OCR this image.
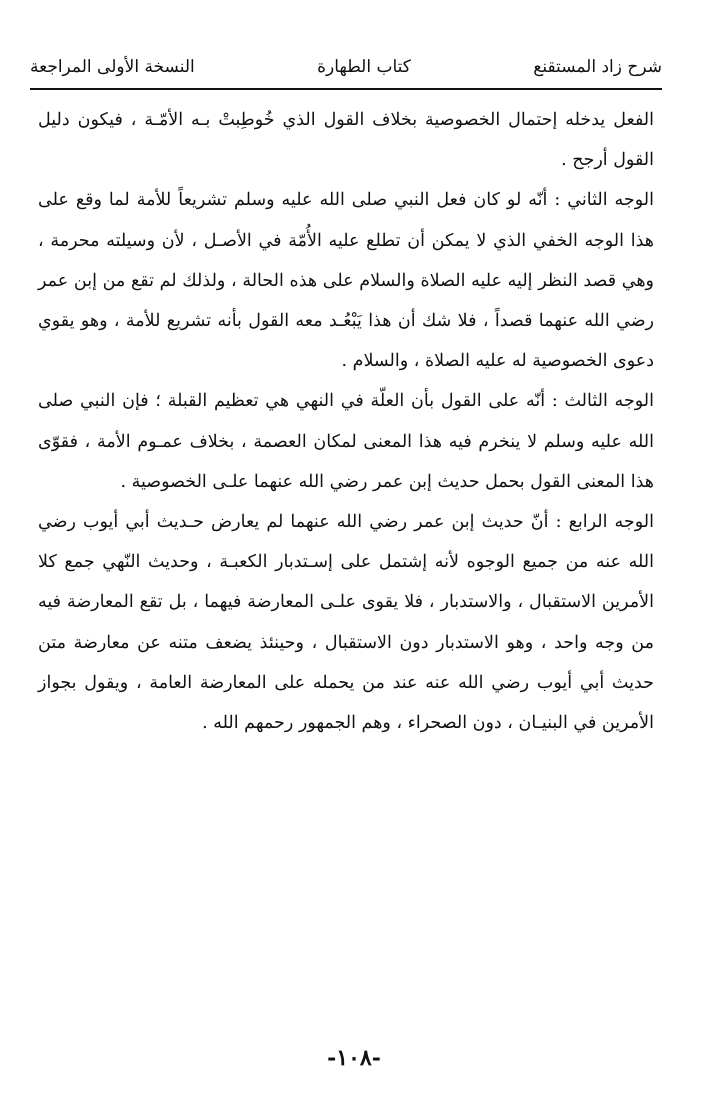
شرح زاد المستقنع
كتاب الطهارة
النسخة الأولى المراجعة

الفعل يدخله إحتمال الخصوصية بخلاف القول الذي خُوطِبتْ بـه الأمّـة ، فيكون دليل القول أرجح .

الوجه الثاني : أنّه لو كان فعل النبي صلى الله عليه وسلم تشريعاً للأمة لما وقع على هذا الوجه الخفي الذي لا يمكن أن تطلع عليه الأُمّة في الأصـل ، لأن وسيلته محرمة ، وهي قصد النظر إليه عليه الصلاة والسلام على هذه الحالة ، ولذلك لم تقع من إبن عمر رضي الله عنهما قصداً ، فلا شك أن هذا يَبْعُـد معه القول بأنه تشريع للأمة ، وهو يقوي دعوى الخصوصية له عليه الصلاة ، والسلام .

الوجه الثالث : أنّه على القول بأن العلّة في النهي هي تعظيم القبلة ؛ فإن النبي صلى الله عليه وسلم لا ينخرم فيه هذا المعنى لمكان العصمة ، بخلاف عمـوم الأمة ، فقوّى هذا المعنى القول بحمل حديث إبن عمر رضي الله عنهما علـى الخصوصية .

الوجه الرابع : أنّ حديث إبن عمر رضي الله عنهما لم يعارض حـديث أبي أيوب رضي الله عنه من جميع الوجوه لأنه إشتمل على إسـتدبار الكعبـة ، وحديث النّهي جمع كلا الأمرين الاستقبال ، والاستدبار ، فلا يقوى علـى المعارضة فيهما ، بل تقع المعارضة فيه من وجه واحد ، وهو الاستدبار دون الاستقبال ، وحينئذ يضعف متنه عن معارضة متن حديث أبي أيوب رضي الله عنه عند من يحمله على المعارضة العامة ، ويقول بجواز الأمرين في البنيـان ، دون الصحراء ، وهم الجمهور رحمهم الله .

-١٠٨-
